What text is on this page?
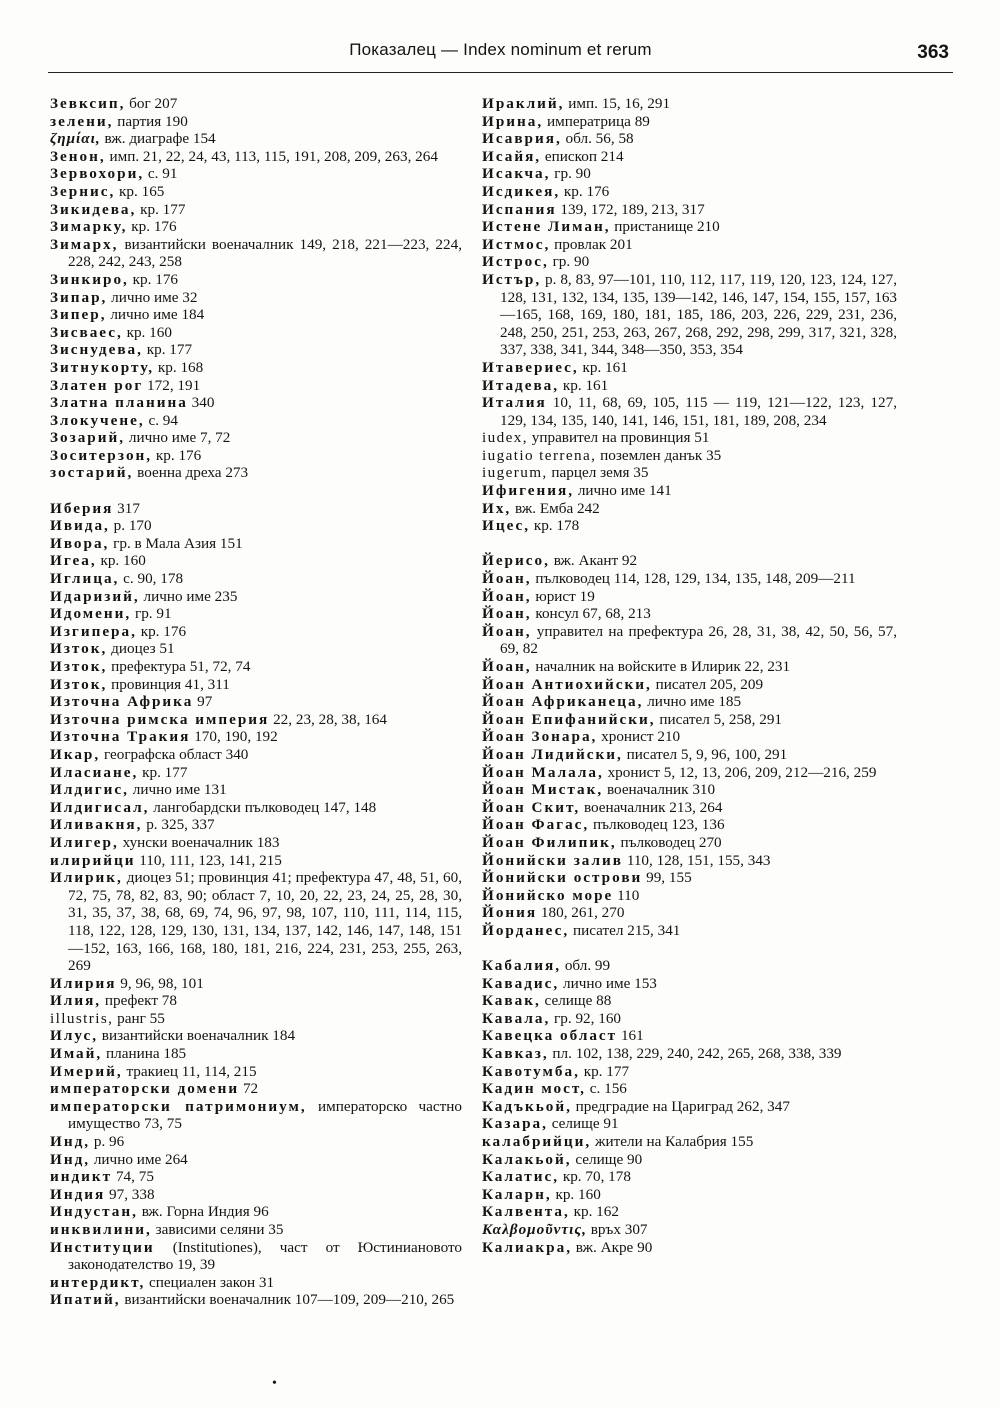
Показалец — Index nominum et rerum	363
Зевксип, бог 207
зелени, партия 190
ζημίαι, вж. диаграфе 154
Зенон, имп. 21, 22, 24, 43, 113, 115, 191, 208, 209, 263, 264
Зервохори, с. 91
Зернис, кр. 165
Зикидева, кр. 177
Зимарку, кр. 176
Зимарх, византийски военачалник 149, 218, 221—223, 224, 228, 242, 243, 258
Зинкиро, кр. 176
Зипар, лично име 32
Зипер, лично име 184
Зисваес, кр. 160
Зиснудева, кр. 177
Зитнукорту, кр. 168
Златен рог 172, 191
Златна планина 340
Злокучене, с. 94
Зозарий, лично име 7, 72
Зоситерзон, кр. 176
зостарий, военна дреха 273
Иберия 317
Ивида, р. 170
Ивора, гр. в Мала Азия 151
Игеа, кр. 160
Иглица, с. 90, 178
Идаризий, лично име 235
Идомени, гр. 91
Изгипера, кр. 176
Изток, диоцез 51
Изток, префектура 51, 72, 74
Изток, провинция 41, 311
Източна Африка 97
Източна римска империя 22, 23, 28, 38, 164
Източна Тракия 170, 190, 192
Икар, географска област 340
Иласиане, кр. 177
Илдигис, лично име 131
Илдигисал, лангобардски пълководец 147, 148
Иливакня, р. 325, 337
Илигер, хунски военачалник 183
илирийци 110, 111, 123, 141, 215
Илирик, диоцез 51; провинция 41; префектура 47, 48, 51, 60, 72, 75, 78, 82, 83, 90; област 7, 10, 20, 22, 23, 24, 25, 28, 30, 31, 35, 37, 38, 68, 69, 74, 96, 97, 98, 107, 110, 111, 114, 115, 118, 122, 128, 129, 130, 131, 134, 137, 142, 146, 147, 148, 151—152, 163, 166, 168, 180, 181, 216, 224, 231, 253, 255, 263, 269
Илирия 9, 96, 98, 101
Илия, префект 78
illustris, ранг 55
Илус, византийски военачалник 184
Имай, планина 185
Имерий, тракиец 11, 114, 215
императорски домени 72
императорски патримониум, императорско частно имущество 73, 75
Инд, р. 96
Инд, лично име 264
индикт 74, 75
Индия 97, 338
Индустан, вж. Горна Индия 96
инквилини, зависими селяни 35
Институции (Institutiones), част от Юстиниановото законодателство 19, 39
интердикт, специален закон 31
Ипатий, византийски военачалник 107—109, 209—210, 265
Ираклий, имп. 15, 16, 291
Ирина, императрица 89
Исаврия, обл. 56, 58
Исайя, епископ 214
Исакча, гр. 90
Исдикея, кр. 176
Испания 139, 172, 189, 213, 317
Истене Лиман, пристанище 210
Истмос, провлак 201
Истрос, гр. 90
Истър, р. 8, 83, 97—101, 110, 112, 117, 119, 120, 123, 124, 127, 128, 131, 132, 134, 135, 139—142, 146, 147, 154, 155, 157, 163—165, 168, 169, 180, 181, 185, 186, 203, 226, 229, 231, 236, 248, 250, 251, 253, 263, 267, 268, 292, 298, 299, 317, 321, 328, 337, 338, 341, 344, 348—350, 353, 354
Итавериес, кр. 161
Итадева, кр. 161
Италия 10, 11, 68, 69, 105, 115 — 119, 121—122, 123, 127, 129, 134, 135, 140, 141, 146, 151, 181, 189, 208, 234
iudex, управител на провинция 51
iugatio terrena, поземлен данък 35
iugerum, парцел земя 35
Ифигения, лично име 141
Их, вж. Емба 242
Ицес, кр. 178
Йерисо, вж. Акант 92
Йоан, пълководец 114, 128, 129, 134, 135, 148, 209—211
Йоан, юрист 19
Йоан, консул 67, 68, 213
Йоан, управител на префектура 26, 28, 31, 38, 42, 50, 56, 57, 69, 82
Йоан, началник на войските в Илирик 22, 231
Йоан Антиохийски, писател 205, 209
Йоан Африканеца, лично име 185
Йоан Епифанийски, писател 5, 258, 291
Йоан Зонара, хронист 210
Йоан Лидийски, писател 5, 9, 96, 100, 291
Йоан Малала, хронист 5, 12, 13, 206, 209, 212—216, 259
Йоан Мистак, военачалник 310
Йоан Скит, военачалник 213, 264
Йоан Фагас, пълководец 123, 136
Йоан Филипик, пълководец 270
Йонийски залив 110, 128, 151, 155, 343
Йонийски острови 99, 155
Йонийско море 110
Йония 180, 261, 270
Йорданес, писател 215, 341
Кабалия, обл. 99
Кавадис, лично име 153
Кавак, селище 88
Кавала, гр. 92, 160
Кавецка област 161
Кавказ, пл. 102, 138, 229, 240, 242, 265, 268, 338, 339
Кавотумба, кр. 177
Кадин мост, с. 156
Кадъкьой, предградие на Цариград 262, 347
Казара, селище 91
калабрийци, жители на Калабрия 155
Калакьой, селище 90
Калатис, кр. 70, 178
Каларн, кр. 160
Калвента, кр. 162
Καλβομοῦντις, връх 307
Калиакра, вж. Акре 90
•
